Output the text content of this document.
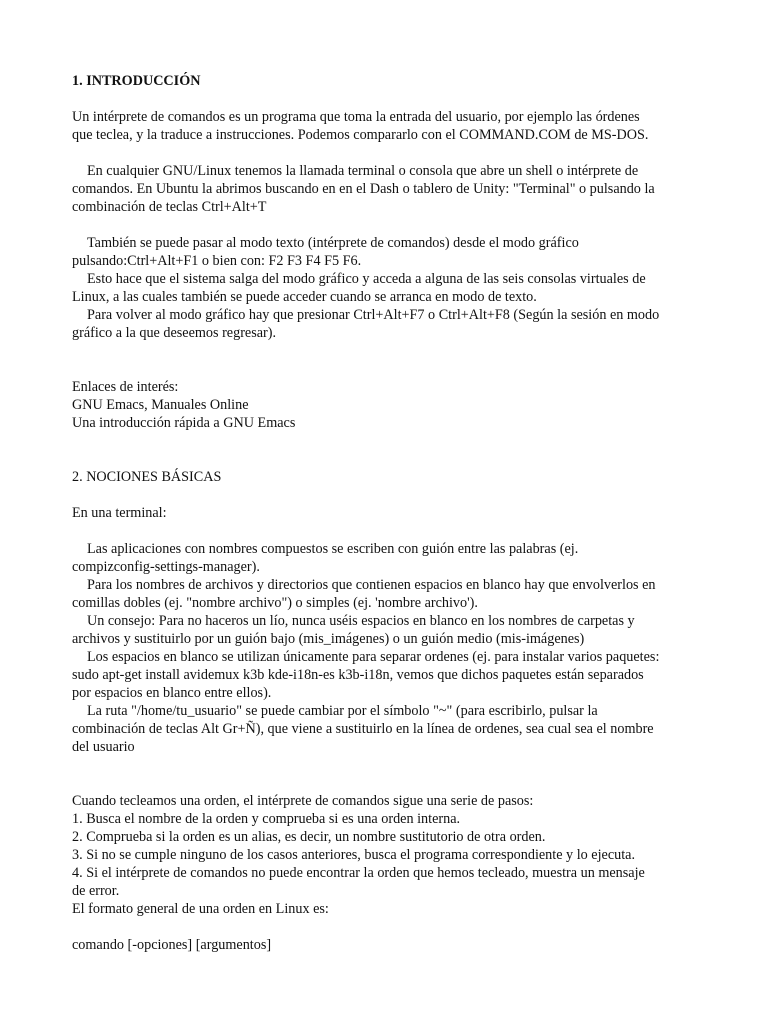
1. INTRODUCCIÓN
Un intérprete de comandos es un programa que toma la entrada del usuario, por ejemplo las órdenes
que teclea, y la traduce a instrucciones. Podemos compararlo con el COMMAND.COM de MS-DOS.
En cualquier GNU/Linux tenemos la llamada terminal o consola que abre un shell o intérprete de
comandos. En Ubuntu la abrimos buscando en en el Dash o tablero de Unity: "Terminal" o pulsando la
combinación de teclas Ctrl+Alt+T
También se puede pasar al modo texto (intérprete de comandos) desde el modo gráfico
pulsando:Ctrl+Alt+F1 o bien con: F2 F3 F4 F5 F6.
Esto hace que el sistema salga del modo gráfico y acceda a alguna de las seis consolas virtuales de
Linux, a las cuales también se puede acceder cuando se arranca en modo de texto.
Para volver al modo gráfico hay que presionar Ctrl+Alt+F7 o Ctrl+Alt+F8 (Según la sesión en modo
gráfico a la que deseemos regresar).
Enlaces de interés:
GNU Emacs, Manuales Online
Una introducción rápida a GNU Emacs
2. NOCIONES BÁSICAS
En una terminal:
Las aplicaciones con nombres compuestos se escriben con guión entre las palabras (ej.
compizconfig-settings-manager).
Para los nombres de archivos y directorios que contienen espacios en blanco hay que envolverlos en
comillas dobles (ej. "nombre archivo") o simples (ej. 'nombre archivo').
Un consejo: Para no haceros un lío, nunca uséis espacios en blanco en los nombres de carpetas y
archivos y sustituirlo por un guión bajo (mis_imágenes) o un guión medio (mis-imágenes)
Los espacios en blanco se utilizan únicamente para separar ordenes (ej. para instalar varios paquetes:
sudo apt-get install avidemux k3b kde-i18n-es k3b-i18n, vemos que dichos paquetes están separados
por espacios en blanco entre ellos).
La ruta "/home/tu_usuario" se puede cambiar por el símbolo "~" (para escribirlo, pulsar la
combinación de teclas Alt Gr+Ñ), que viene a sustituirlo en la línea de ordenes, sea cual sea el nombre
del usuario
Cuando tecleamos una orden, el intérprete de comandos sigue una serie de pasos:
1. Busca el nombre de la orden y comprueba si es una orden interna.
2. Comprueba si la orden es un alias, es decir, un nombre sustitutorio de otra orden.
3. Si no se cumple ninguno de los casos anteriores, busca el programa correspondiente y lo ejecuta.
4. Si el intérprete de comandos no puede encontrar la orden que hemos tecleado, muestra un mensaje
de error.
El formato general de una orden en Linux es:
comando [-opciones] [argumentos]
